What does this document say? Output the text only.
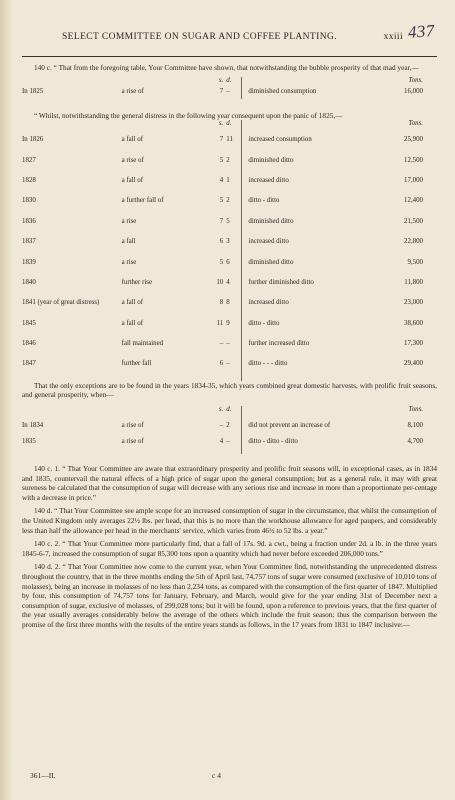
SELECT COMMITTEE ON SUGAR AND COFFEE PLANTING.	xxiii 437

140 c. “ That from the foregoing table, Your Committee have shown, that notwithstanding the bubble prosperity of that mad year,—

		s.	d.		Tons.
In 1825	a rise of	7	–	diminished consumption	16,000

“ Whilst, notwithstanding the general distress in the following year consequent upon the panic of 1825,—

		s.	d.		Tons.
In 1826	a fall of	7	11	increased consumption	25,900
1827	a rise of	5	2	diminished ditto	12,500
1828	a fall of	4	1	increased ditto	17,000
1830	a further fall of	5	2	ditto - ditto	12,400
1836	a rise	7	5	diminished ditto	21,500
1837	a fall	6	3	increased ditto	22,800
1839	a rise	5	6	diminished ditto	9,500
1840	further rise	10	4	further diminished ditto	11,800
1841 (year of great distress)	a fall of	8	8	increased ditto	23,000
1845	a fall of	11	9	ditto - ditto	38,600
1846	fall maintained	–	–	further increased ditto	17,300
1847	further fall	6	–	ditto - - - ditto	29,400

That the only exceptions are to be found in the years 1834-35, which years combined great domestic harvests, with prolific fruit seasons, and general prosperity, when—

		s.	d.		Tons.
In 1834	a rise of	–	2	did not prevent an increase of	8,100
1835	a rise of	4	–	ditto - ditto - ditto	4,700

140 c. 1. “ That Your Committee are aware that extraordinary prosperity and prolific fruit seasons will, in exceptional cases, as in 1834 and 1835, countervail the natural effects of a high price of sugar upon the general consumption; but as a general rule, it may with great sureness be calculated that the consumption of sugar will decrease with any serious rise and increase in more than a proportionate per-centage with a decrease in price.”

140 d. “ That Your Committee see ample scope for an increased consumption of sugar in the circumstance, that whilst the consumption of the United Kingdom only averages 22½ lbs. per head, that this is no more than the workhouse allowance for aged paupers, and considerably less than half the allowance per head in the merchants' service, which varies from 46½ to 52 lbs. a year.”

140 c. 2. “ That Your Committee more particularly find, that a fall of 17s. 9d. a cwt., being a fraction under 2d. a lb. in the three years 1845-6-7, increased the consumption of sugar 85,300 tons upon a quantity which had never before exceeded 206,000 tons.”

140 d. 2. “ That Your Committee now come to the current year, when Your Committee find, notwithstanding the unprecedented distress throughout the country, that in the three months ending the 5th of April last, 74,757 tons of sugar were consumed (exclusive of 10,010 tons of molasses), being an increase in molasses of no less than 2,234 tons, as compared with the consumption of the first quarter of 1847. Multiplied by four, this consumption of 74,757 tons for January, February, and March, would give for the year ending 31st of December next a consumption of sugar, exclusive of molasses, of 299,028 tons; but it will be found, upon a reference to previous years, that the first quarter of the year usually averages considerably below the average of the others which include the fruit season; thus the comparison between the promise of the first three months with the results of the entire years stands as follows, in the 17 years from 1831 to 1847 inclusive:—

361—II.	c 4
